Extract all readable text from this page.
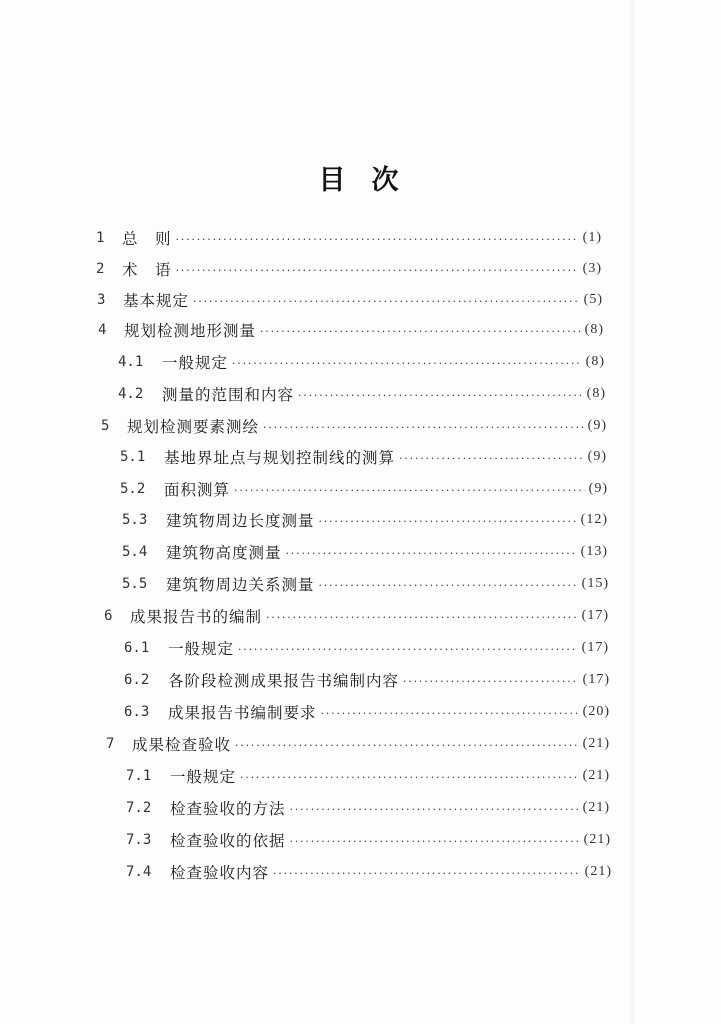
目 次
1	总　则 ·····	(1)
2	术　语 ·····	(3)
3	基本规定 ·····	(5)
4	规划检测地形测量 ·····	(8)
4.1	一般规定 ·····	(8)
4.2	测量的范围和内容 ·····	(8)
5	规划检测要素测绘 ·····	(9)
5.1	基地界址点与规划控制线的测算 ·····	(9)
5.2	面积测算 ·····	(9)
5.3	建筑物周边长度测量 ·····	(12)
5.4	建筑物高度测量 ·····	(13)
5.5	建筑物周边关系测量 ·····	(15)
6	成果报告书的编制 ·····	(17)
6.1	一般规定 ·····	(17)
6.2	各阶段检测成果报告书编制内容 ·····	(17)
6.3	成果报告书编制要求 ·····	(20)
7	成果检查验收 ·····	(21)
7.1	一般规定 ·····	(21)
7.2	检查验收的方法 ·····	(21)
7.3	检查验收的依据 ·····	(21)
7.4	检查验收内容 ·····	(21)
